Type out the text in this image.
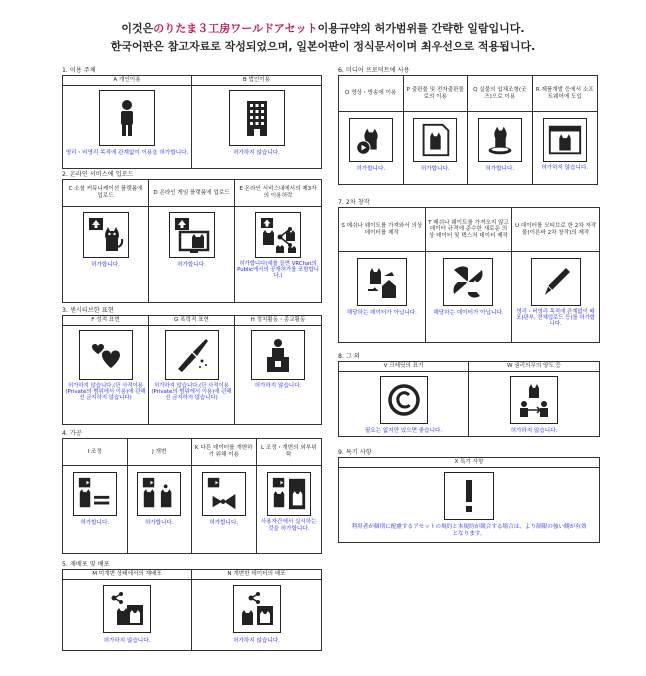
이것은のりたま３工房ワールドアセット이용규약의 허가범위를 간략한 일람입니다.
한국어판은 참고자료로 작성되었으며, 일본어판이 정식문서이며 최우선으로 적용됩니다.
1. 이용 주체
A 개인이용
영리・비영리 목적에 관계없이 이용을 허가합니다.
B 법인이용
허가하지 않습니다.
2. 온라인 서비스에 업로드
C 소셜 커뮤니케이션 플랫폼에 업로드
허가합니다.
D 온라인 게임 플랫폼에 업로드
허가합니다.
E 온라인 서비스내에서의 제3자의 이용허락
허가합니다(예를 들면 VRChat의 Public에서의 공개허가를 포함합니다.)
3. 센시티브한 표현
F 성적 표현
허가하지 않습니다.(단 사적이용(Private의 범위에서 이용)에 관해선 금지하지 않습니다)
G 폭력적 표현
허가하지 않습니다.(단 사적이용(Private의 범위에서 이용)에 관해선 금지하지 않습니다)
H 정치활동・종교활동
허가하지 않습니다.
4. 가공
I 조정
허가합니다.
J 개변
허가합니다.
K 다른 데이터를 개변하기 위해 이용
허가합니다.
L 조정・개변의 외부위탁
사용자간에서 실시하는 것을 허가합니다.
5. 재배포 및 배포
M 미개변 상태에서의 재배포
허가하지 않습니다.
N 개변한 데이터의 배포
허가하지 않습니다.
6. 미디어 프로덕트에 사용
O 영상・방송에 이용
허가합니다.
P 출판물 및 전자출판물로의 이용
허가합니다.
Q 실물의 입체조형(굿즈)으로 이용
허가합니다.
R 제품개발 등에서 소프트웨어에 도입
허가하지 않습니다.
7. 2차 창작
S 메쉬나 웨이트를 가져와서 의상 데이터를 제작
해당하는 데이터가 아닙니다.
T 메쉬나 웨이트를 가져오지 않고 데이터 규격에 준수한 새로운 의상 데이터 및 텍스처 데이터 제작
해당하는 데이터가 아닙니다.
U 데이터를 모티브로 한 2차 저작물(이른바 2차 창작)의 제작
영리・비영리 목적에 관계없이 배포(판부, 전체업로드 등)를 허가합니다.
8. 그 외
V 크레딧의 표기
필요는 없지만 있으면 좋습니다.
W 권리의무의 양도 등
허가하지 않습니다.
9. 특기 사항
X 특기 사항
利用者が個別に配慮するアセットの規約と本規約が競合する場合は、より制限の強い側が有効となります。
